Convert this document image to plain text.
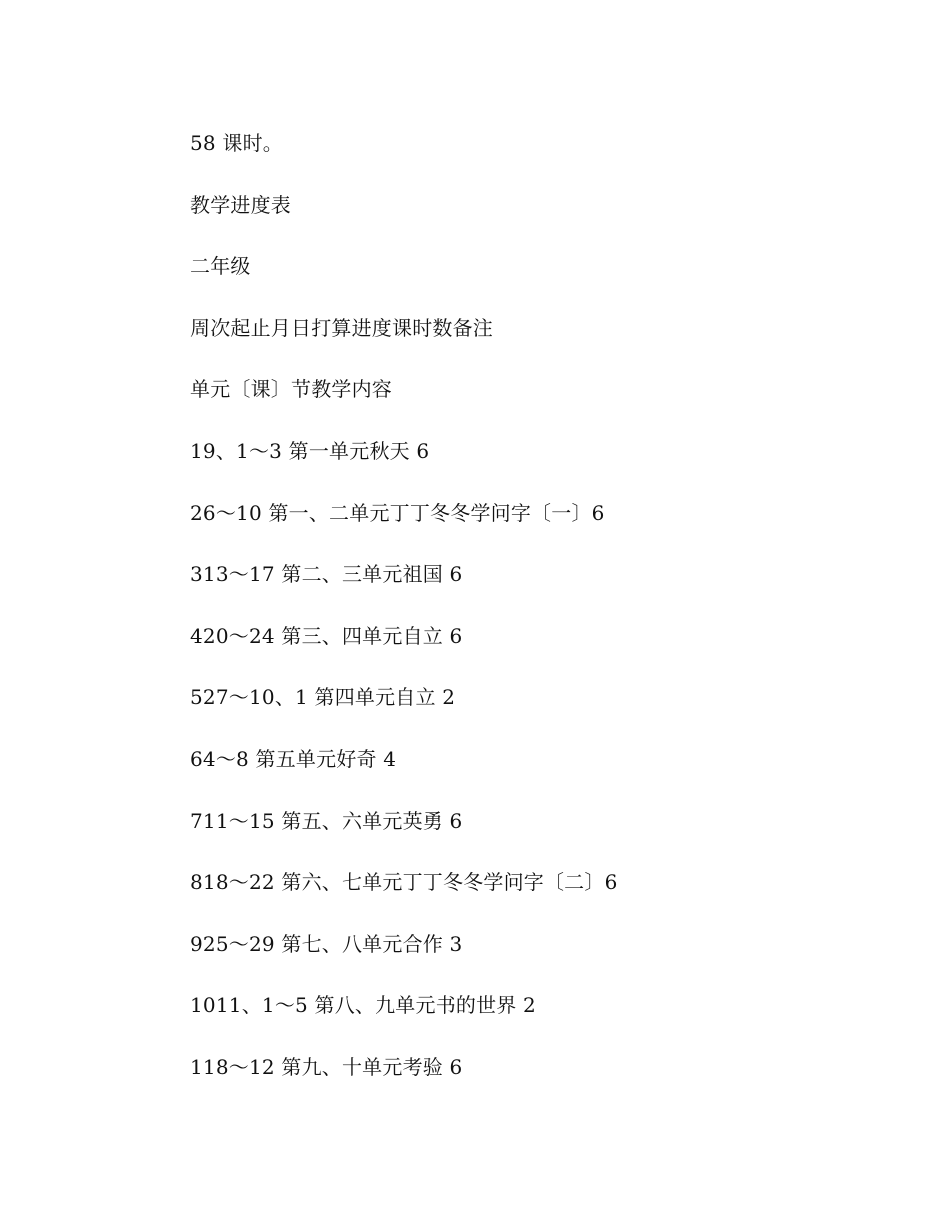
58 课时。
教学进度表
二年级
周次起止月日打算进度课时数备注
单元〔课〕节教学内容
19、1～3 第一单元秋天 6
26～10 第一、二单元丁丁冬冬学问字〔一〕6
313～17 第二、三单元祖国 6
420～24 第三、四单元自立 6
527～10、1 第四单元自立 2
64～8 第五单元好奇 4
711～15 第五、六单元英勇 6
818～22 第六、七单元丁丁冬冬学问字〔二〕6
925～29 第七、八单元合作 3
1011、1～5 第八、九单元书的世界 2
118～12 第九、十单元考验 6
